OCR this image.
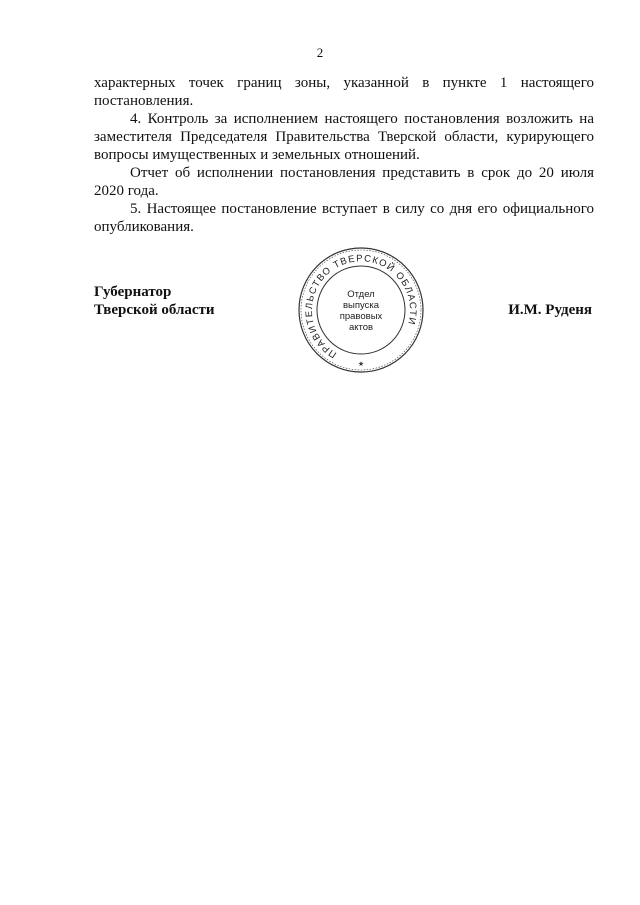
2

характерных точек границ зоны, указанной в пункте 1 настоящего постановления.

4. Контроль за исполнением настоящего постановления возложить на заместителя Председателя Правительства Тверской области, курирующего вопросы имущественных и земельных отношений.

Отчет об исполнении постановления представить в срок до 20 июля 2020 года.

5. Настоящее постановление вступает в силу со дня его официального опубликования.

Губернатор
Тверской области	И.М. Руденя
ПРАВИТЕЛЬСТВО ТВЕРСКОЙ ОБЛАСТИ
★
Отдел
выпуска
правовых
актов
